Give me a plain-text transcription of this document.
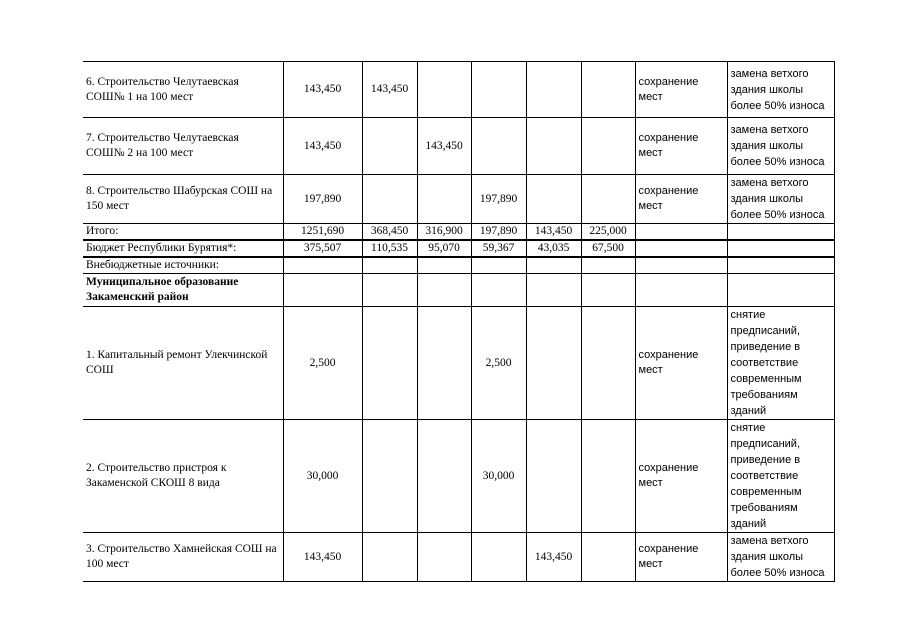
6. Строительство Челутаевская СОШ№ 1 на 100 мест	143,450	143,450					сохранение мест	замена ветхого здания школы более 50% износа
7. Строительство Челутаевская СОШ№ 2 на 100 мест	143,450		143,450				сохранение мест	замена ветхого здания школы более 50% износа
8. Строительство Шабурская СОШ на 150 мест	197,890			197,890			сохранение мест	замена ветхого здания школы более 50% износа
Итого:	1251,690	368,450	316,900	197,890	143,450	225,000		
Бюджет Республики Бурятия*:	375,507	110,535	95,070	59,367	43,035	67,500		
Внебюджетные источники:								
Муниципальное образование Закаменский район								
1. Капитальный ремонт Улекчинской СОШ	2,500			2,500			сохранение мест	снятие предписаний, приведение в соответствие современным требованиям зданий
2. Строительство пристроя к Закаменской СКОШ 8 вида	30,000			30,000			сохранение мест	снятие предписаний, приведение в соответствие современным требованиям зданий
3. Строительство Хамнейская СОШ на 100 мест	143,450				143,450		сохранение мест	замена ветхого здания школы более 50% износа
